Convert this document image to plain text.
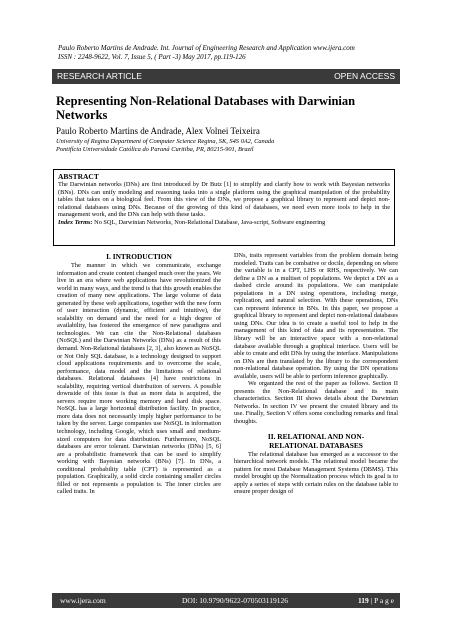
Paulo Roberto Martins de Andrade. Int. Journal of Engineering Research and Application www.ijera.com
ISSN : 2248-9622, Vol. 7, Issue 5, ( Part -3) May 2017, pp.119-126
RESEARCH ARTICLE	OPEN ACCESS
Representing Non-Relational Databases with Darwinian Networks
Paulo Roberto Martins de Andrade, Alex Volnei Teixeira
University of Regina Department of Computer Science Regina, SK, S4S 0A2, Canada
Pontifícia Universidade Católica do Paraná Curitiba, PR, 80215-901, Brazil
ABSTRACT
The Darwinian networks (DNs) are first introduced by Dr Butz [1] to simplify and clarify how to work with Bayesian networks (BNs). DNs can unify modeling and reasoning tasks into a single platform using the graphical manipulation of the probability tables that takes on a biological feel. From this view of the DNs, we propose a graphical library to represent and depict non-relational databases using DNs. Because of the growing of this kind of databases, we need even more tools to help in the management work, and the DNs can help with these tasks.
Index Terms: No SQL, Darwinian Networks, Non-Relational Database, Java-script, Software engineering
I. INTRODUCTION

The manner in which we communicate, exchange information and create content changed much over the years. We live in an era where web applications have revolutionized the world in many ways, and the trend is that this growth enables the creation of many new applications. The large volume of data generated by these web applications, together with the new form of user interaction (dynamic, efficient and intuitive), the scalability on demand and the need for a high degree of availability, has fostered the emergence of new paradigms and technologies. We can cite the Non-Relational databases (NoSQL) and the Darwinian Networks (DNs) as a result of this demand. Non-Relational databases [2, 3], also known as NoSQL or Not Only SQL database, is a technology designed to support cloud applications requirements and to overcome the scale, performance, data model and the limitations of relational databases. Relational databases [4] have restrictions in scalability, requiring vertical distribution of servers. A possible downside of this issue is that as more data is acquired, the servers require more working memory and hard disk space. NoSQL has a large horizontal distribution facility. In practice, more data does not necessarily imply higher performance to be taken by the server. Large companies use NoSQL in information technology, including Google, which uses small and medium-sized computers for data distribution. Furthermore, NoSQL databases are error tolerant. Darwinian networks (DNs) [5, 6] are a probabilistic framework that can be used to simplify working with Bayesian networks (BNs) [7]. In DNs, a conditional probability table (CPT) is represented as a population. Graphically, a solid circle containing smaller circles filled or not represents a population is. The inner circles are called traits. In

DNs, traits represent variables from the problem domain being modeled. Traits can be combative or docile, depending on where the variable is in a CPT, LHS or RHS, respectively. We can define a DN as a multiset of populations. We depict a DN as a dashed circle around its populations. We can manipulate populations in a DN using operations, including merge, replication, and natural selection. With these operations, DNs can represent inference in BNs. In this paper, we propose a graphical library to represent and depict non-relational databases using DNs. Our idea is to create a useful tool to help in the management of this kind of data and its representation. The library will be an interactive space with a non-relational database available through a graphical interface. Users will be able to create and edit DNs by using the interface. Manipulations on DNs are then translated by the library to the correspondent non-relational database operation. By using the DN operations available, users will be able to perform inference graphically.

We organized the rest of the paper as follows. Section II presents the Non-Relational database and its main characteristics. Section III shows details about the Darwinian Networks. In section IV we present the created library and its use. Finally, Section V offers some concluding remarks and final thoughts.

II. RELATIONAL AND NON-
RELATIONAL DATABASES

The relational database has emerged as a successor to the hierarchical network models. The relational model became the pattern for most Database Management Systems (DBMS). This model brought up the Normalization process which its goal is to apply a series of steps with certain rules on the database table to ensure proper design of

www.ijera.com	DOI: 10.9790/9622-070503119126	119 | P a g e
